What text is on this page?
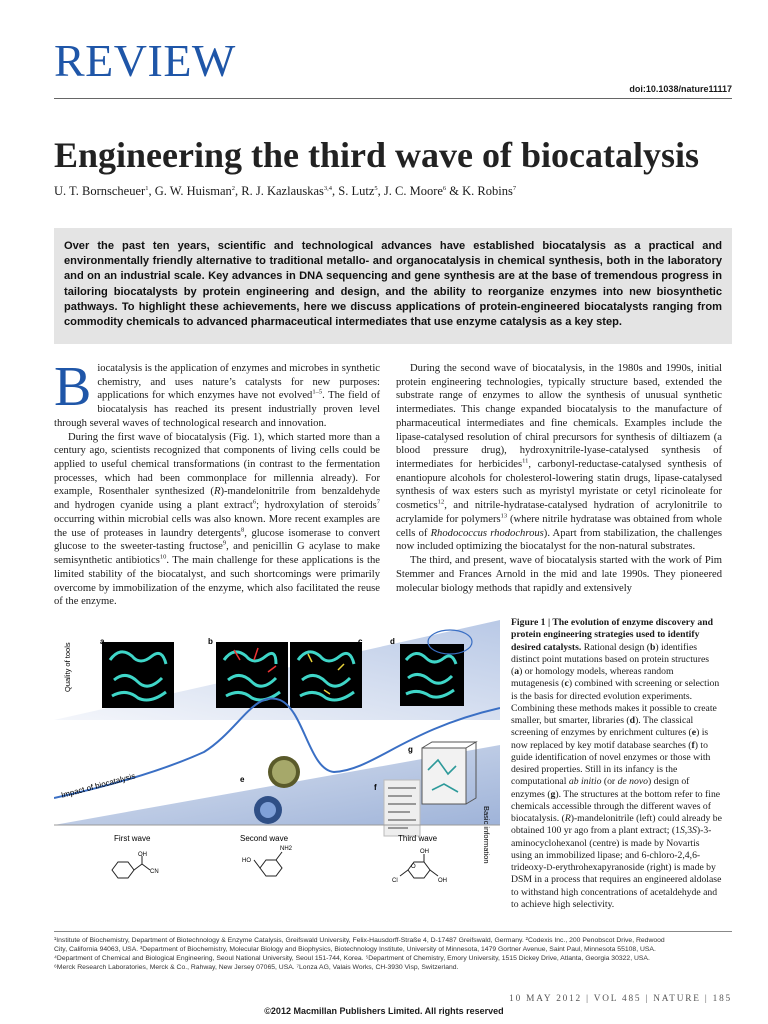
REVIEW
doi:10.1038/nature11117
Engineering the third wave of biocatalysis
U. T. Bornscheuer$^1$, G. W. Huisman$^2$, R. J. Kazlauskas$^{3,4}$, S. Lutz$^5$, J. C. Moore$^6$ & K. Robins$^7$
Over the past ten years, scientific and technological advances have established biocatalysis as a practical and environmentally friendly alternative to traditional metallo- and organocatalysis in chemical synthesis, both in the laboratory and on an industrial scale. Key advances in DNA sequencing and gene synthesis are at the base of tremendous progress in tailoring biocatalysts by protein engineering and design, and the ability to reorganize enzymes into new biosynthetic pathways. To highlight these achievements, here we discuss applications of protein-engineered biocatalysts ranging from commodity chemicals to advanced pharmaceutical intermediates that use enzyme catalysis as a key step.

Biocatalysis is the application of enzymes and microbes in synthetic chemistry, and uses nature’s catalysts for new purposes: applications for which enzymes have not evolved$^{1-5}$. The field of biocatalysis has reached its present industrially proven level through several waves of technological research and innovation.

During the first wave of biocatalysis (Fig. 1), which started more than a century ago, scientists recognized that components of living cells could be applied to useful chemical transformations (in contrast to the fermentation processes, which had been commonplace for millennia already). For example, Rosenthaler synthesized (R)-mandelonitrile from benzaldehyde and hydrogen cyanide using a plant extract$^6$; hydroxylation of steroids$^7$ occurring within microbial cells was also known. More recent examples are the use of proteases in laundry detergents$^8$, glucose isomerase to convert glucose to the sweeter-tasting fructose$^9$, and penicillin G acylase to make semisynthetic antibiotics$^{10}$. The main challenge for these applications is the limited stability of the biocatalyst, and such shortcomings were primarily overcome by immobilization of the enzyme, which also facilitated the reuse of the enzyme.

During the second wave of biocatalysis, in the 1980s and 1990s, initial protein engineering technologies, typically structure based, extended the substrate range of enzymes to allow the synthesis of unusual synthetic intermediates. This change expanded biocatalysis to the manufacture of pharmaceutical intermediates and fine chemicals. Examples include the lipase-catalysed resolution of chiral precursors for synthesis of diltiazem (a blood pressure drug), hydroxynitrile-lyase-catalysed synthesis of intermediates for herbicides$^{11}$, carbonyl-reductase-catalysed synthesis of enantiopure alcohols for cholesterol-lowering statin drugs, lipase-catalysed synthesis of wax esters such as myristyl myristate or cetyl ricinoleate for cosmetics$^{12}$, and nitrile-hydratase-catalysed hydration of acrylonitrile to acrylamide for polymers$^{13}$ (where nitrile hydratase was obtained from whole cells of Rhodococcus rhodochrous). Apart from stabilization, the challenges now included optimizing the biocatalyst for the non-natural substrates.

The third, and present, wave of biocatalysis started with the work of Pim Stemmer and Frances Arnold in the mid and late 1990s. They pioneered molecular biology methods that rapidly and extensively

a	b	c	d
e
f
g
Quality of tools
Basic information
Impact of biocatalysis
First wave	Second wave	Third wave
OH
CN
HO
NH2	OH
Cl	OH
O
Figure 1 | The evolution of enzyme discovery and protein engineering strategies used to identify desired catalysts. Rational design (b) identifies distinct point mutations based on protein structures (a) or homology models, whereas random mutagenesis (c) combined with screening or selection is the basis for directed evolution experiments. Combining these methods makes it possible to create smaller, but smarter, libraries (d). The classical screening of enzymes by enrichment cultures (e) is now replaced by key motif database searches (f) to guide identification of novel enzymes or those with desired properties. Still in its infancy is the computational ab initio (or de novo) design of enzymes (g). The structures at the bottom refer to fine chemicals accessible through the different waves of biocatalysis. (R)-mandelonitrile (left) could already be obtained 100 yr ago from a plant extract; (1S,3S)-3-aminocyclohexanol (centre) is made by Novartis using an immobilized lipase; and 6-chloro-2,4,6-trideoxy-D-erythrohexapyranoside (right) is made by DSM in a process that requires an engineered aldolase to withstand high concentrations of acetaldehyde and to achieve high selectivity.
¹Institute of Biochemistry, Department of Biotechnology & Enzyme Catalysis, Greifswald University, Felix-Hausdorff-Straße 4, D-17487 Greifswald, Germany. ²Codexis Inc., 200 Penobscot Drive, Redwood
City, California 94063, USA. ³Department of Biochemistry, Molecular Biology and Biophysics, Biotechnology Institute, University of Minnesota, 1479 Gortner Avenue, Saint Paul, Minnesota 55108, USA.
⁴Department of Chemical and Biological Engineering, Seoul National University, Seoul 151-744, Korea. ⁵Department of Chemistry, Emory University, 1515 Dickey Drive, Atlanta, Georgia 30322, USA.
⁶Merck Research Laboratories, Merck & Co., Rahway, New Jersey 07065, USA. ⁷Lonza AG, Valais Works, CH-3930 Visp, Switzerland.
10 MAY 2012 | VOL 485 | NATURE | 185
©2012 Macmillan Publishers Limited. All rights reserved
